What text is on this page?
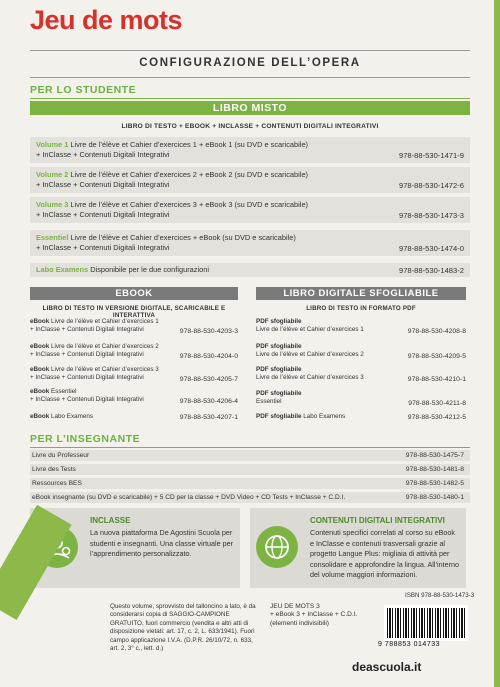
Jeu de mots
CONFIGURAZIONE DELL’OPERA
PER LO STUDENTE
LIBRO MISTO
LIBRO DI TESTO + EBOOK + INCLASSE + CONTENUTI DIGITALI INTEGRATIVI
Volume 1 Livre de l’élève et Cahier d’exercices 1 + eBook 1 (su DVD e scaricabile)
+ InClasse + Contenuti Digitali Integrativi	978-88-530-1471-9
Volume 2 Livre de l’élève et Cahier d’exercices 2 + eBook 2 (su DVD e scaricabile)
+ InClasse + Contenuti Digitali Integrativi	978-88-530-1472-6
Volume 3 Livre de l’élève et Cahier d’exercices 3 + eBook 3 (su DVD e scaricabile)
+ InClasse + Contenuti Digitali Integrativi	978-88-530-1473-3
Essentiel Livre de l’élève et Cahier d’exercices + eBook (su DVD e scaricabile)
+ InClasse + Contenuti Digitali Integrativi	978-88-530-1474-0
Labo Examens Disponibile per le due configurazioni	978-88-530-1483-2
EBOOK
LIBRO DI TESTO IN VERSIONE DIGITALE, SCARICABILE E INTERATTIVA
eBook Livre de l’élève et Cahier d’exercices 1
+ InClasse + Contenuti Digitali Integrativi	978-88-530-4203-3
eBook Livre de l’élève et Cahier d’exercices 2
+ InClasse + Contenuti Digitali Integrativi	978-88-530-4204-0
eBook Livre de l’élève et Cahier d’exercices 3
+ InClasse + Contenuti Digitali Integrativi	978-88-530-4205-7
eBook Essentiel
+ InClasse + Contenuti Digitali Integrativi	978-88-530-4206-4
eBook Labo Examens	978-88-530-4207-1
LIBRO DIGITALE SFOGLIABILE
LIBRO DI TESTO IN FORMATO PDF
PDF sfogliabile
Livre de l’élève et Cahier d’exercices 1	978-88-530-4208-8
PDF sfogliabile
Livre de l’élève et Cahier d’exercices 2	978-88-530-4209-5
PDF sfogliabile
Livre de l’élève et Cahier d’exercices 3	978-88-530-4210-1
PDF sfogliabile
Essentiel	978-88-530-4211-8
PDF sfogliabile Labo Examens	978-88-530-4212-5
PER L’INSEGNANTE
Livre du Professeur	978-88-530-1475-7
Livre des Tests	978-88-530-1481-8
Ressources BES	978-88-530-1482-5
eBook insegnante (su DVD e scaricabile) + 5 CD per la classe + DVD Video + CD Tests + InClasse + C.D.I.	978-88-530-1480-1
INCLASSE
La nuova piattaforma De Agostini Scuola per studenti e insegnanti. Una classe virtuale per l’apprendimento personalizzato.
CONTENUTI DIGITALI INTEGRATIVI
Contenuti specifici correlati al corso su eBook e InClasse e contenuti trasversali grazie al progetto Langue Plus: migliaia di attività per consolidare e approfondire la lingua. All’interno del volume maggiori informazioni.
Questo volume, sprovvisto del talloncino a lato, è da considerarsi copia di SAGGIO-CAMPIONE GRATUITO, fuori commercio (vendita e altri atti di disposizione vietati: art. 17, c. 2, L. 633/1941). Fuori campo applicazione I.V.A. (D.P.R. 26/10/72, n. 633, art. 2, 3° c., lett. d.)
JEU DE MOTS 3
+ eBook 3 + InClasse + C.D.I.
(elementi indivisibili)
ISBN 978-88-530-1473-3
9 788853 014733
deascuola.it
